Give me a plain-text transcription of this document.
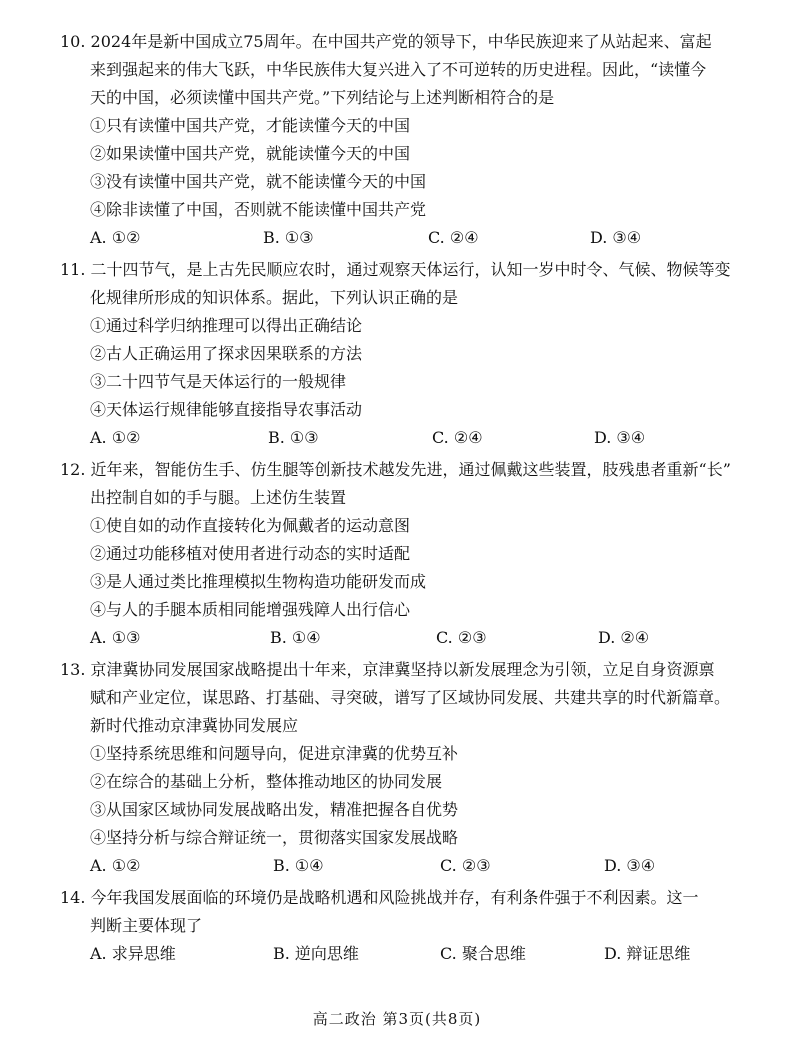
10. 2024年是新中国成立75周年。在中国共产党的领导下，中华民族迎来了从站起来、富起
来到强起来的伟大飞跃，中华民族伟大复兴进入了不可逆转的历史进程。因此，“读懂今
天的中国，必须读懂中国共产党。”下列结论与上述判断相符合的是
①只有读懂中国共产党，才能读懂今天的中国
②如果读懂中国共产党，就能读懂今天的中国
③没有读懂中国共产党，就不能读懂今天的中国
④除非读懂了中国，否则就不能读懂中国共产党
A. ①②	B. ①③	C. ②④	D. ③④
11. 二十四节气，是上古先民顺应农时，通过观察天体运行，认知一岁中时令、气候、物候等变
化规律所形成的知识体系。据此，下列认识正确的是
①通过科学归纳推理可以得出正确结论
②古人正确运用了探求因果联系的方法
③二十四节气是天体运行的一般规律
④天体运行规律能够直接指导农事活动
A. ①②	B. ①③	C. ②④	D. ③④
12. 近年来，智能仿生手、仿生腿等创新技术越发先进，通过佩戴这些装置，肢残患者重新“长”
出控制自如的手与腿。上述仿生装置
①使自如的动作直接转化为佩戴者的运动意图
②通过功能移植对使用者进行动态的实时适配
③是人通过类比推理模拟生物构造功能研发而成
④与人的手腿本质相同能增强残障人出行信心
A. ①③	B. ①④	C. ②③	D. ②④
13. 京津冀协同发展国家战略提出十年来，京津冀坚持以新发展理念为引领，立足自身资源禀
赋和产业定位，谋思路、打基础、寻突破，谱写了区域协同发展、共建共享的时代新篇章。
新时代推动京津冀协同发展应
①坚持系统思维和问题导向，促进京津冀的优势互补
②在综合的基础上分析，整体推动地区的协同发展
③从国家区域协同发展战略出发，精准把握各自优势
④坚持分析与综合辩证统一，贯彻落实国家发展战略
A. ①②	B. ①④	C. ②③	D. ③④
14. 今年我国发展面临的环境仍是战略机遇和风险挑战并存，有利条件强于不利因素。这一
判断主要体现了
A. 求异思维	B. 逆向思维	C. 聚合思维	D. 辩证思维
高二政治 第3页(共8页)
